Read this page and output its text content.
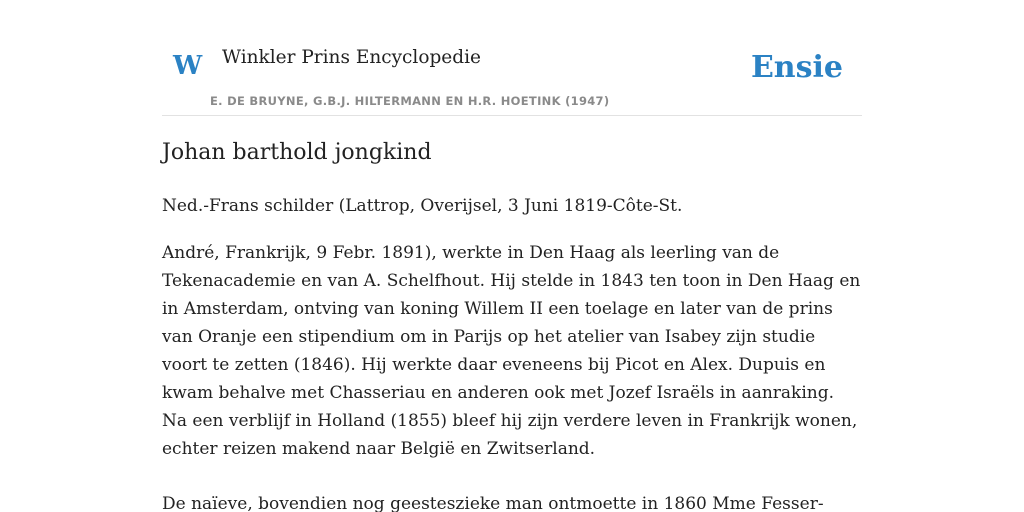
W Winkler Prins Encyclopedie
E. DE BRUYNE, G.B.J. HILTERMANN EN H.R. HOETINK (1947)
Ensie
Johan barthold jongkind

Ned.-Frans schilder (Lattrop, Overijsel, 3 Juni 1819-Côte-St.

André, Frankrijk, 9 Febr. 1891), werkte in Den Haag als leerling van de Tekenacademie en van A. Schelfhout. Hij stelde in 1843 ten toon in Den Haag en in Amsterdam, ontving van koning Willem II een toelage en later van de prins van Oranje een stipendium om in Parijs op het atelier van Isabey zijn studie voort te zetten (1846). Hij werkte daar eveneens bij Picot en Alex. Dupuis en kwam behalve met Chasseriau en anderen ook met Jozef Israëls in aanraking. Na een verblijf in Holland (1855) bleef hij zijn verdere leven in Frankrijk wonen, echter reizen makend naar België en Zwitserland.

De naïeve, bovendien nog geesteszieke man ontmoette in 1860 Mme Fesser-
